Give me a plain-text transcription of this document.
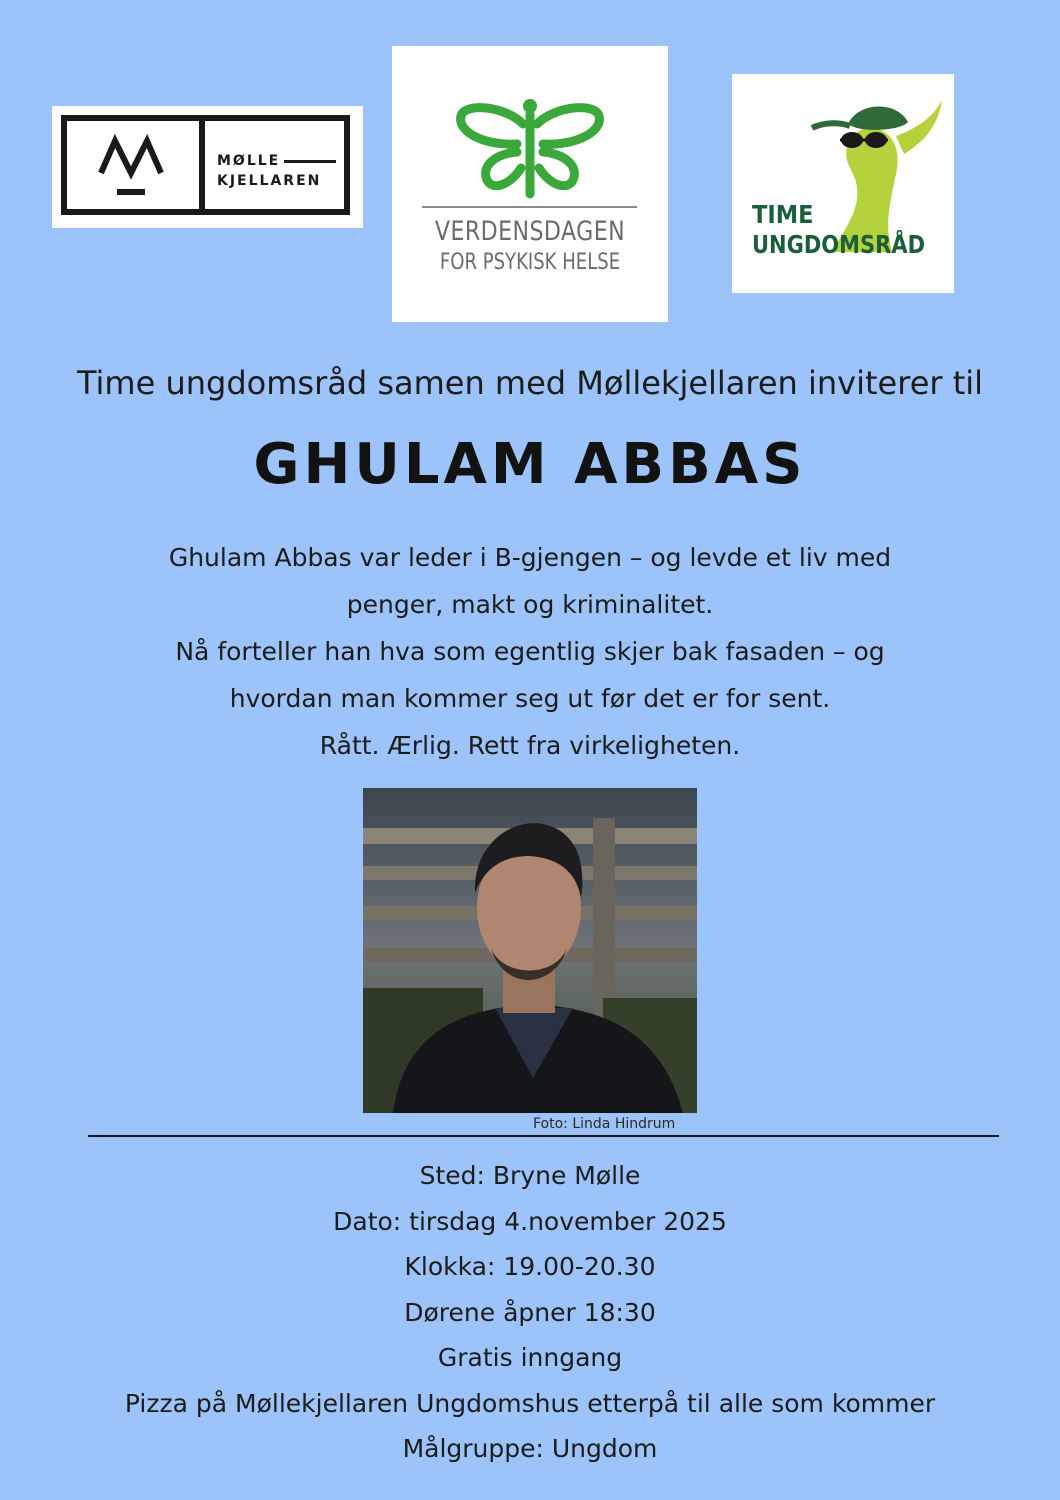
MØLLE
KJELLAREN
VERDENSDAGEN
FOR PSYKISK HELSE
TIME
UNGDOMSRÅD
Time ungdomsråd samen med Møllekjellaren inviterer til
GHULAM ABBAS
Ghulam Abbas var leder i B-gjengen – og levde et liv med
penger, makt og kriminalitet.
Nå forteller han hva som egentlig skjer bak fasaden – og
hvordan man kommer seg ut før det er for sent.
Rått. Ærlig. Rett fra virkeligheten.
Foto: Linda Hindrum
Sted: Bryne Mølle
Dato: tirsdag 4.november 2025
Klokka: 19.00-20.30
Dørene åpner 18:30
Gratis inngang
Pizza på Møllekjellaren Ungdomshus etterpå til alle som kommer
Målgruppe: Ungdom
